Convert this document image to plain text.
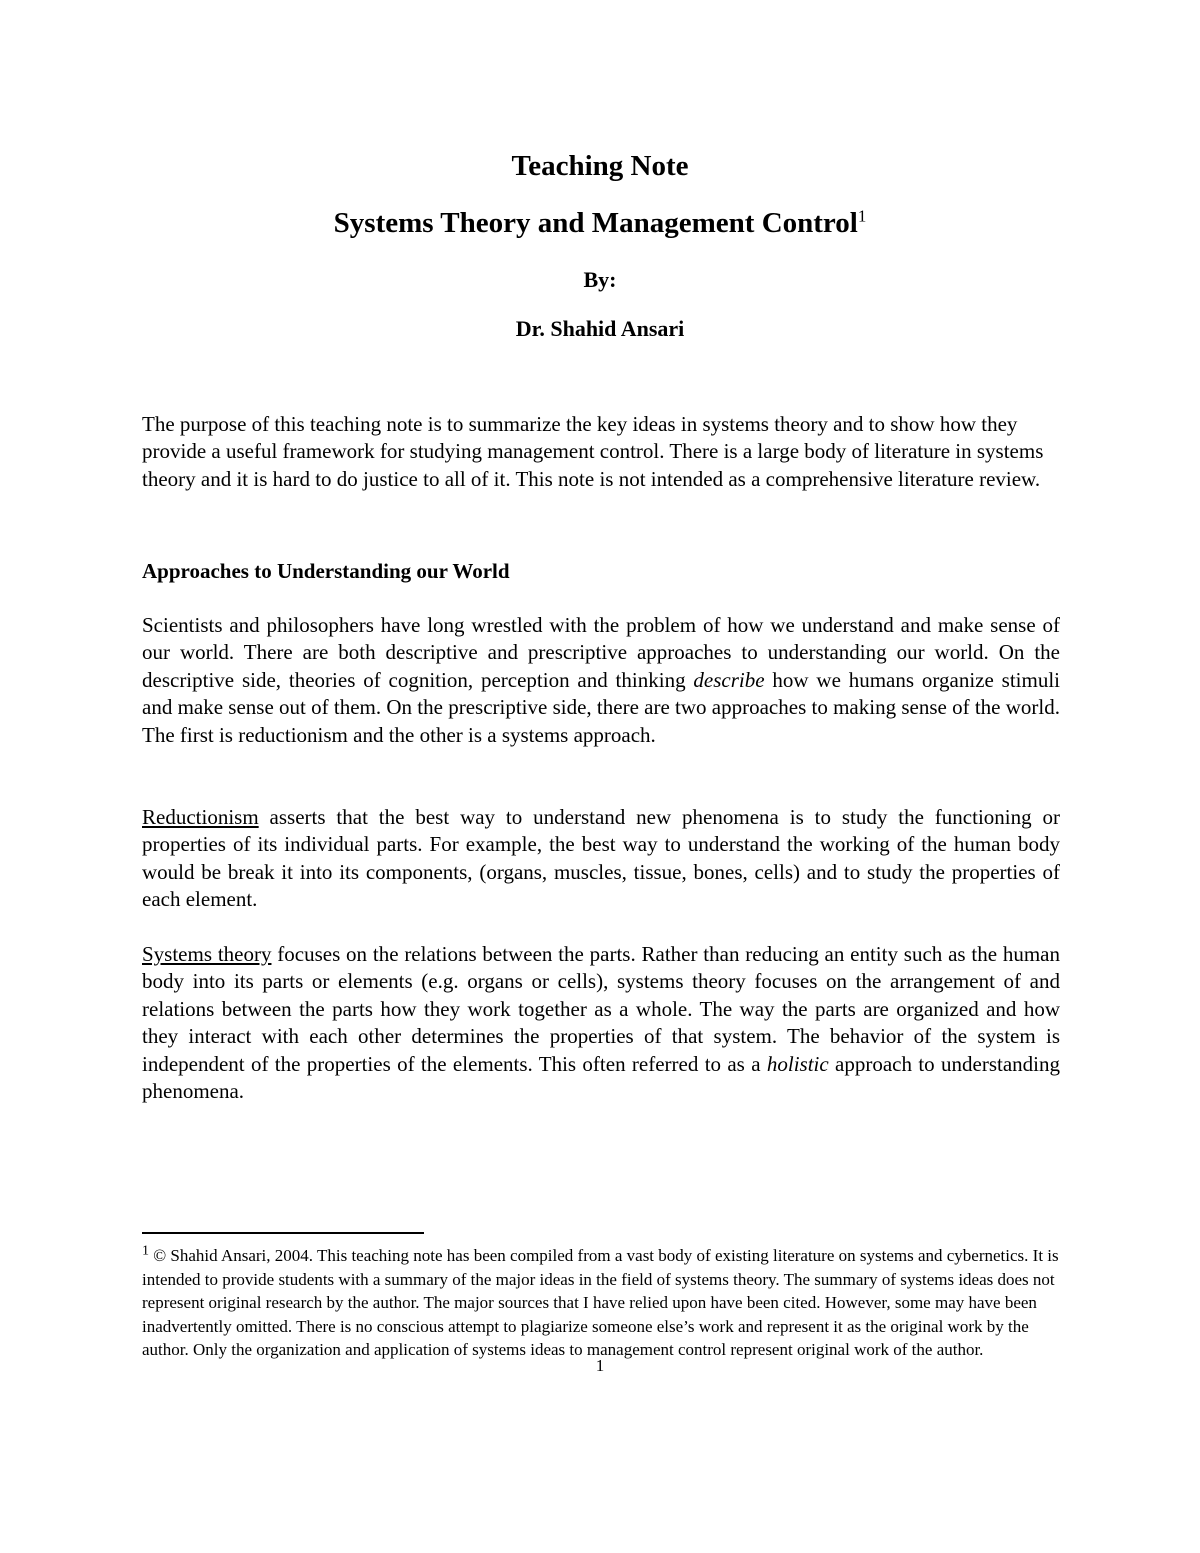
Teaching Note
Systems Theory and Management Control$^1$
By:
Dr. Shahid Ansari
The purpose of this teaching note is to summarize the key ideas in systems theory and to show how they provide a useful framework for studying management control. There is a large body of literature in systems theory and it is hard to do justice to all of it. This note is not intended as a comprehensive literature review.
Approaches to Understanding our World
Scientists and philosophers have long wrestled with the problem of how we understand and make sense of our world. There are both descriptive and prescriptive approaches to understanding our world. On the descriptive side, theories of cognition, perception and thinking describe how we humans organize stimuli and make sense out of them. On the prescriptive side, there are two approaches to making sense of the world. The first is reductionism and the other is a systems approach.
Reductionism asserts that the best way to understand new phenomena is to study the functioning or properties of its individual parts. For example, the best way to understand the working of the human body would be break it into its components, (organs, muscles, tissue, bones, cells) and to study the properties of each element.
Systems theory focuses on the relations between the parts. Rather than reducing an entity such as the human body into its parts or elements (e.g. organs or cells), systems theory focuses on the arrangement of and relations between the parts how they work together as a whole. The way the parts are organized and how they interact with each other determines the properties of that system. The behavior of the system is independent of the properties of the elements. This often referred to as a holistic approach to understanding phenomena.
$^1$ © Shahid Ansari, 2004. This teaching note has been compiled from a vast body of existing literature on systems and cybernetics. It is intended to provide students with a summary of the major ideas in the field of systems theory. The summary of systems ideas does not represent original research by the author. The major sources that I have relied upon have been cited. However, some may have been inadvertently omitted. There is no conscious attempt to plagiarize someone else’s work and represent it as the original work by the author. Only the organization and application of systems ideas to management control represent original work of the author.
1
